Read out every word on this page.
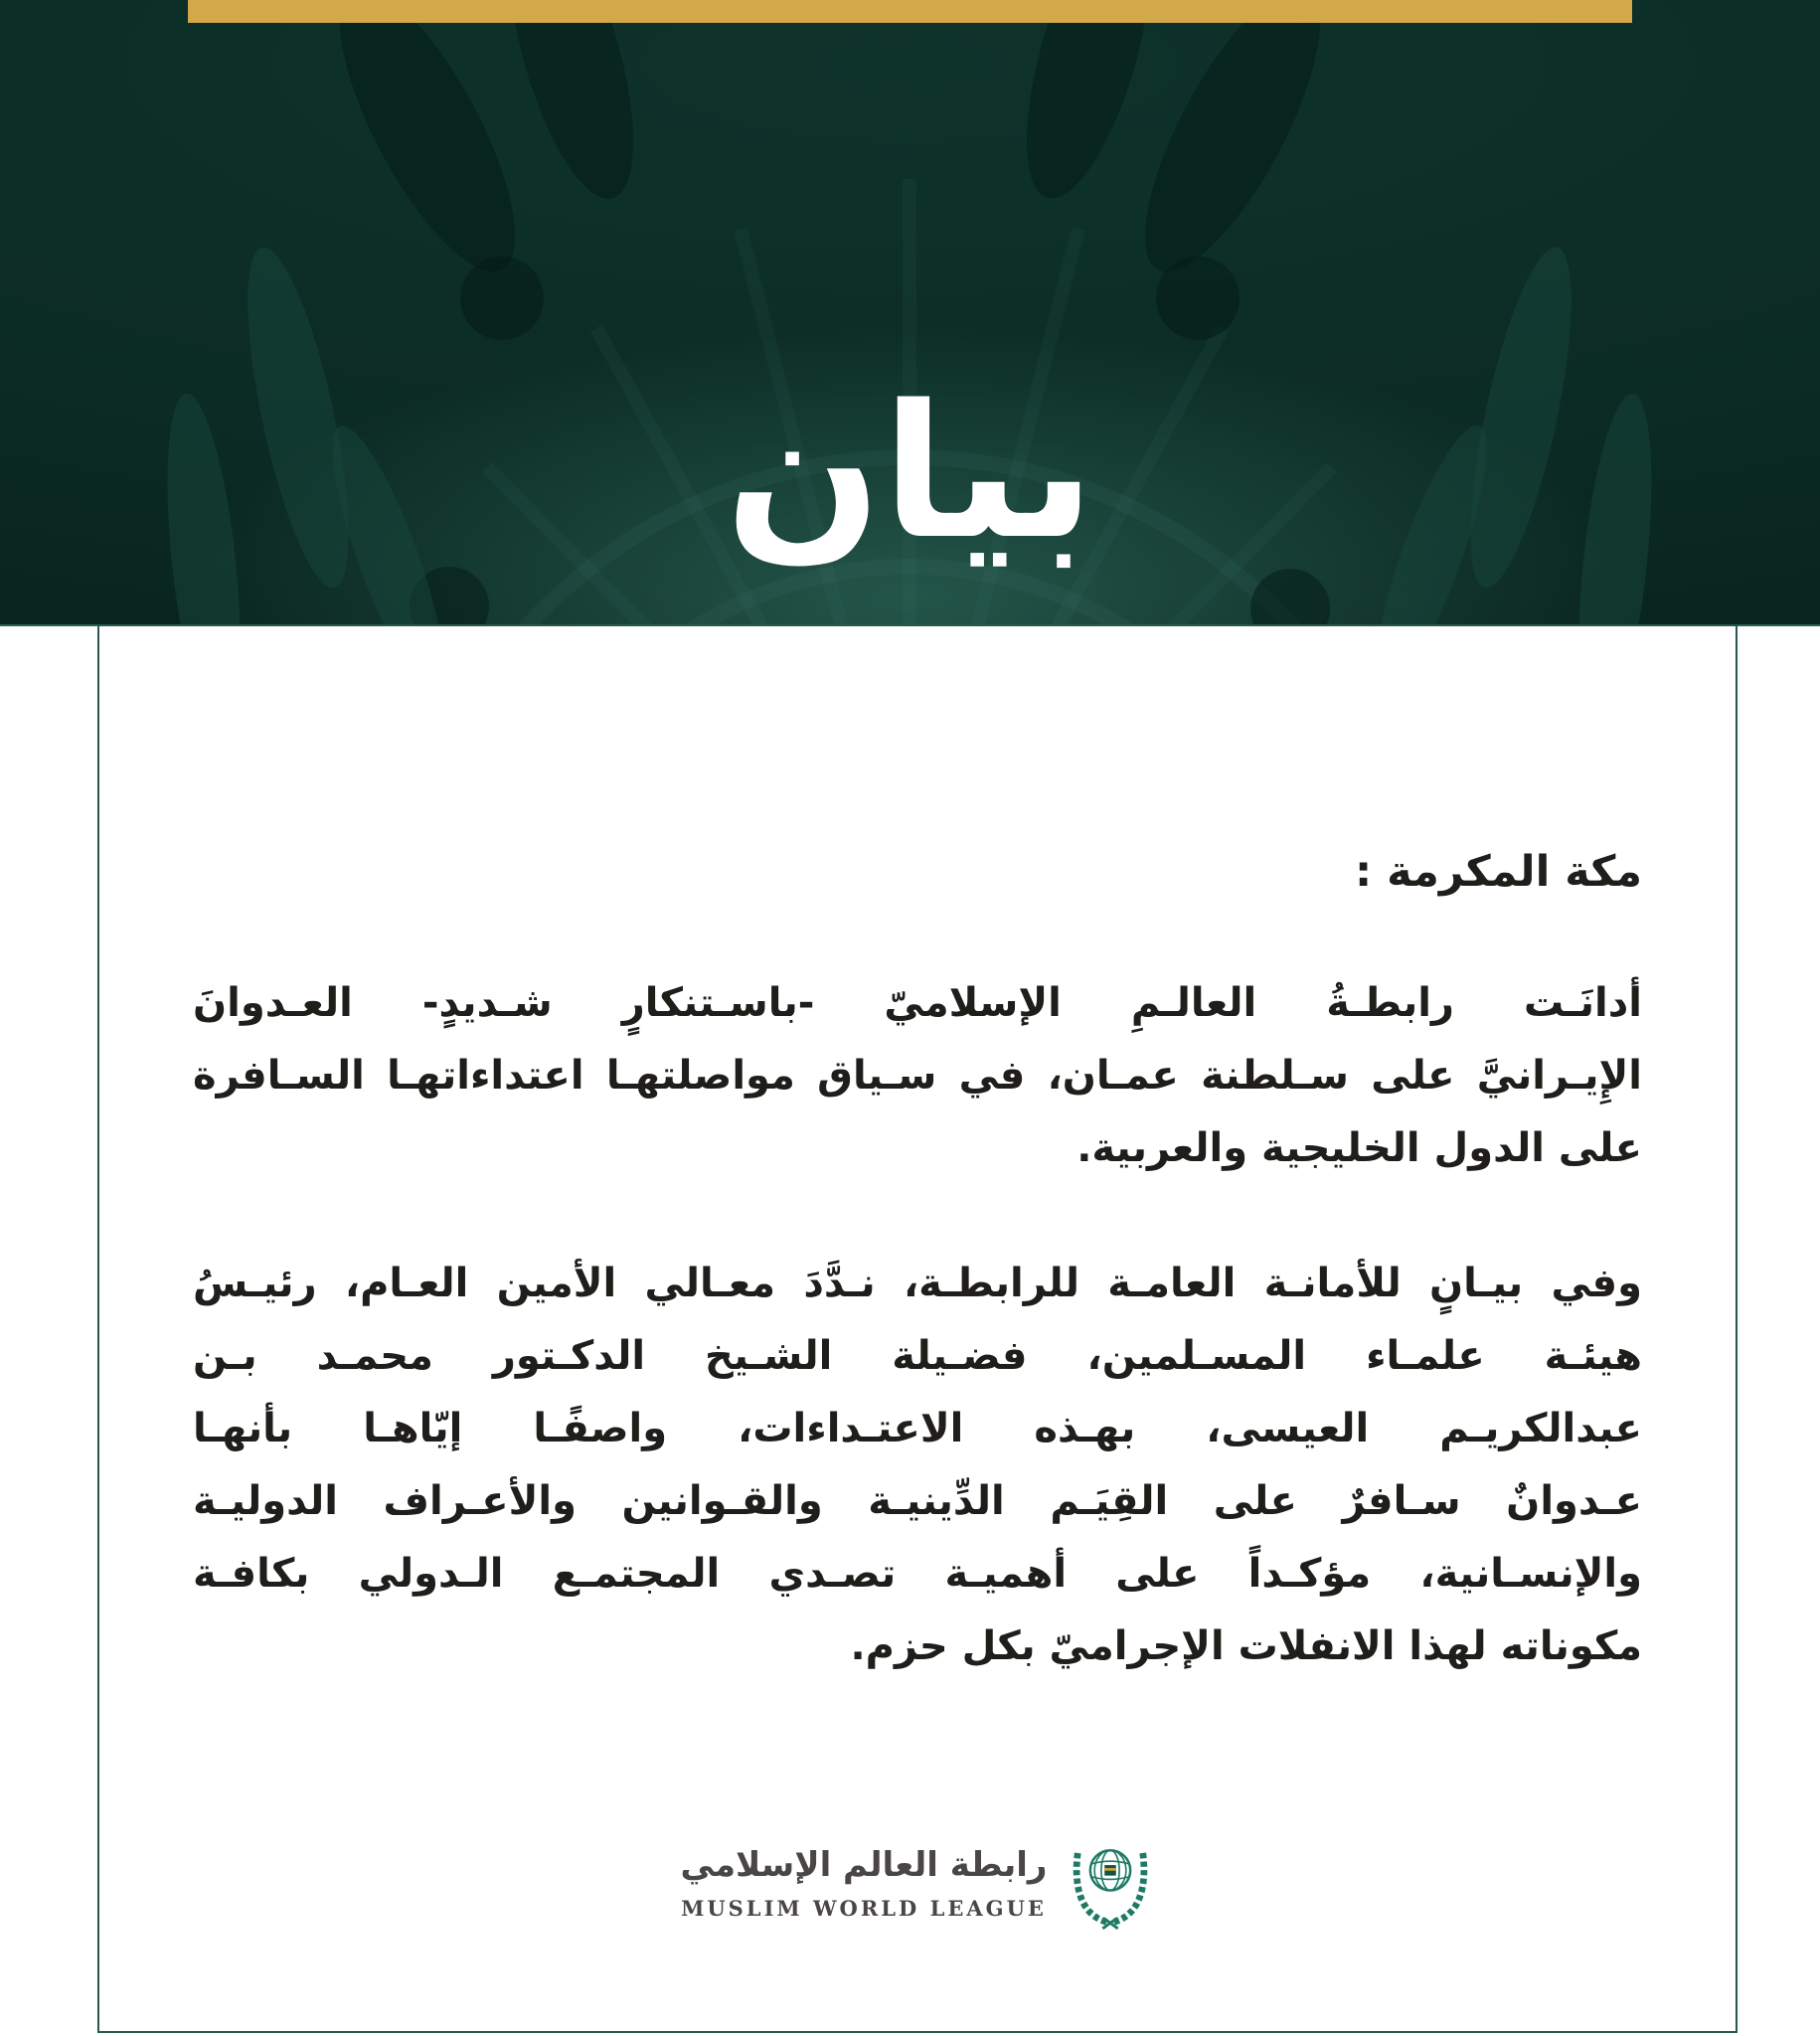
بيان
مكة المكرمة :
أدانَـت رابطـةُ العالـمِ الإسلاميّ -باسـتنكارٍ شـديدٍ- العـدوانَ
الإِيـرانيَّ على سـلطنة عمـان، في سـياق مواصلتهـا اعتداءاتهـا السـافرة
على الدول الخليجية والعربية.
وفي بيـانٍ للأمانـة العامـة للرابطـة، نـدَّدَ معـالي الأمين العـام، رئيـسُ
هيئـة علمـاء المسـلمين، فضـيلة الشـيخ الدكـتور محمـد بـن
عبدالكريـم العيسى، بهـذه الاعتـداءات، واصفًـا إيّاهـا بأنهـا
عـدوانٌ سـافرٌ على القِيَـم الدِّينيـة والقـوانين والأعـراف الدوليـة
والإنسـانية، مؤكـداً على أهميـة تصـدي المجتمـع الـدولي بكافـة
مكوناته لهذا الانفلات الإجراميّ بكل حزم.
رابطة العالم الإسلامي
MUSLIM WORLD LEAGUE
